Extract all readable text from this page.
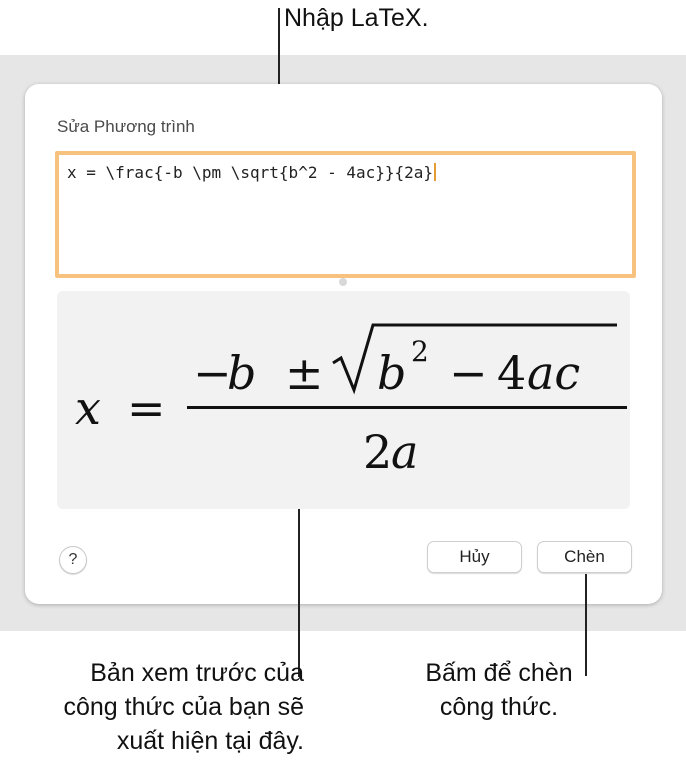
Nhập LaTeX.
Sửa Phương trình
x = \frac{-b \pm \sqrt{b^2 - 4ac}}{2a}
x =
−
b ± b 2 − 4 ac
2
a
?	Hủy	Chèn
Bản xem trước của
công thức của bạn sẽ
xuất hiện tại đây.
Bấm để chèn
công thức.
